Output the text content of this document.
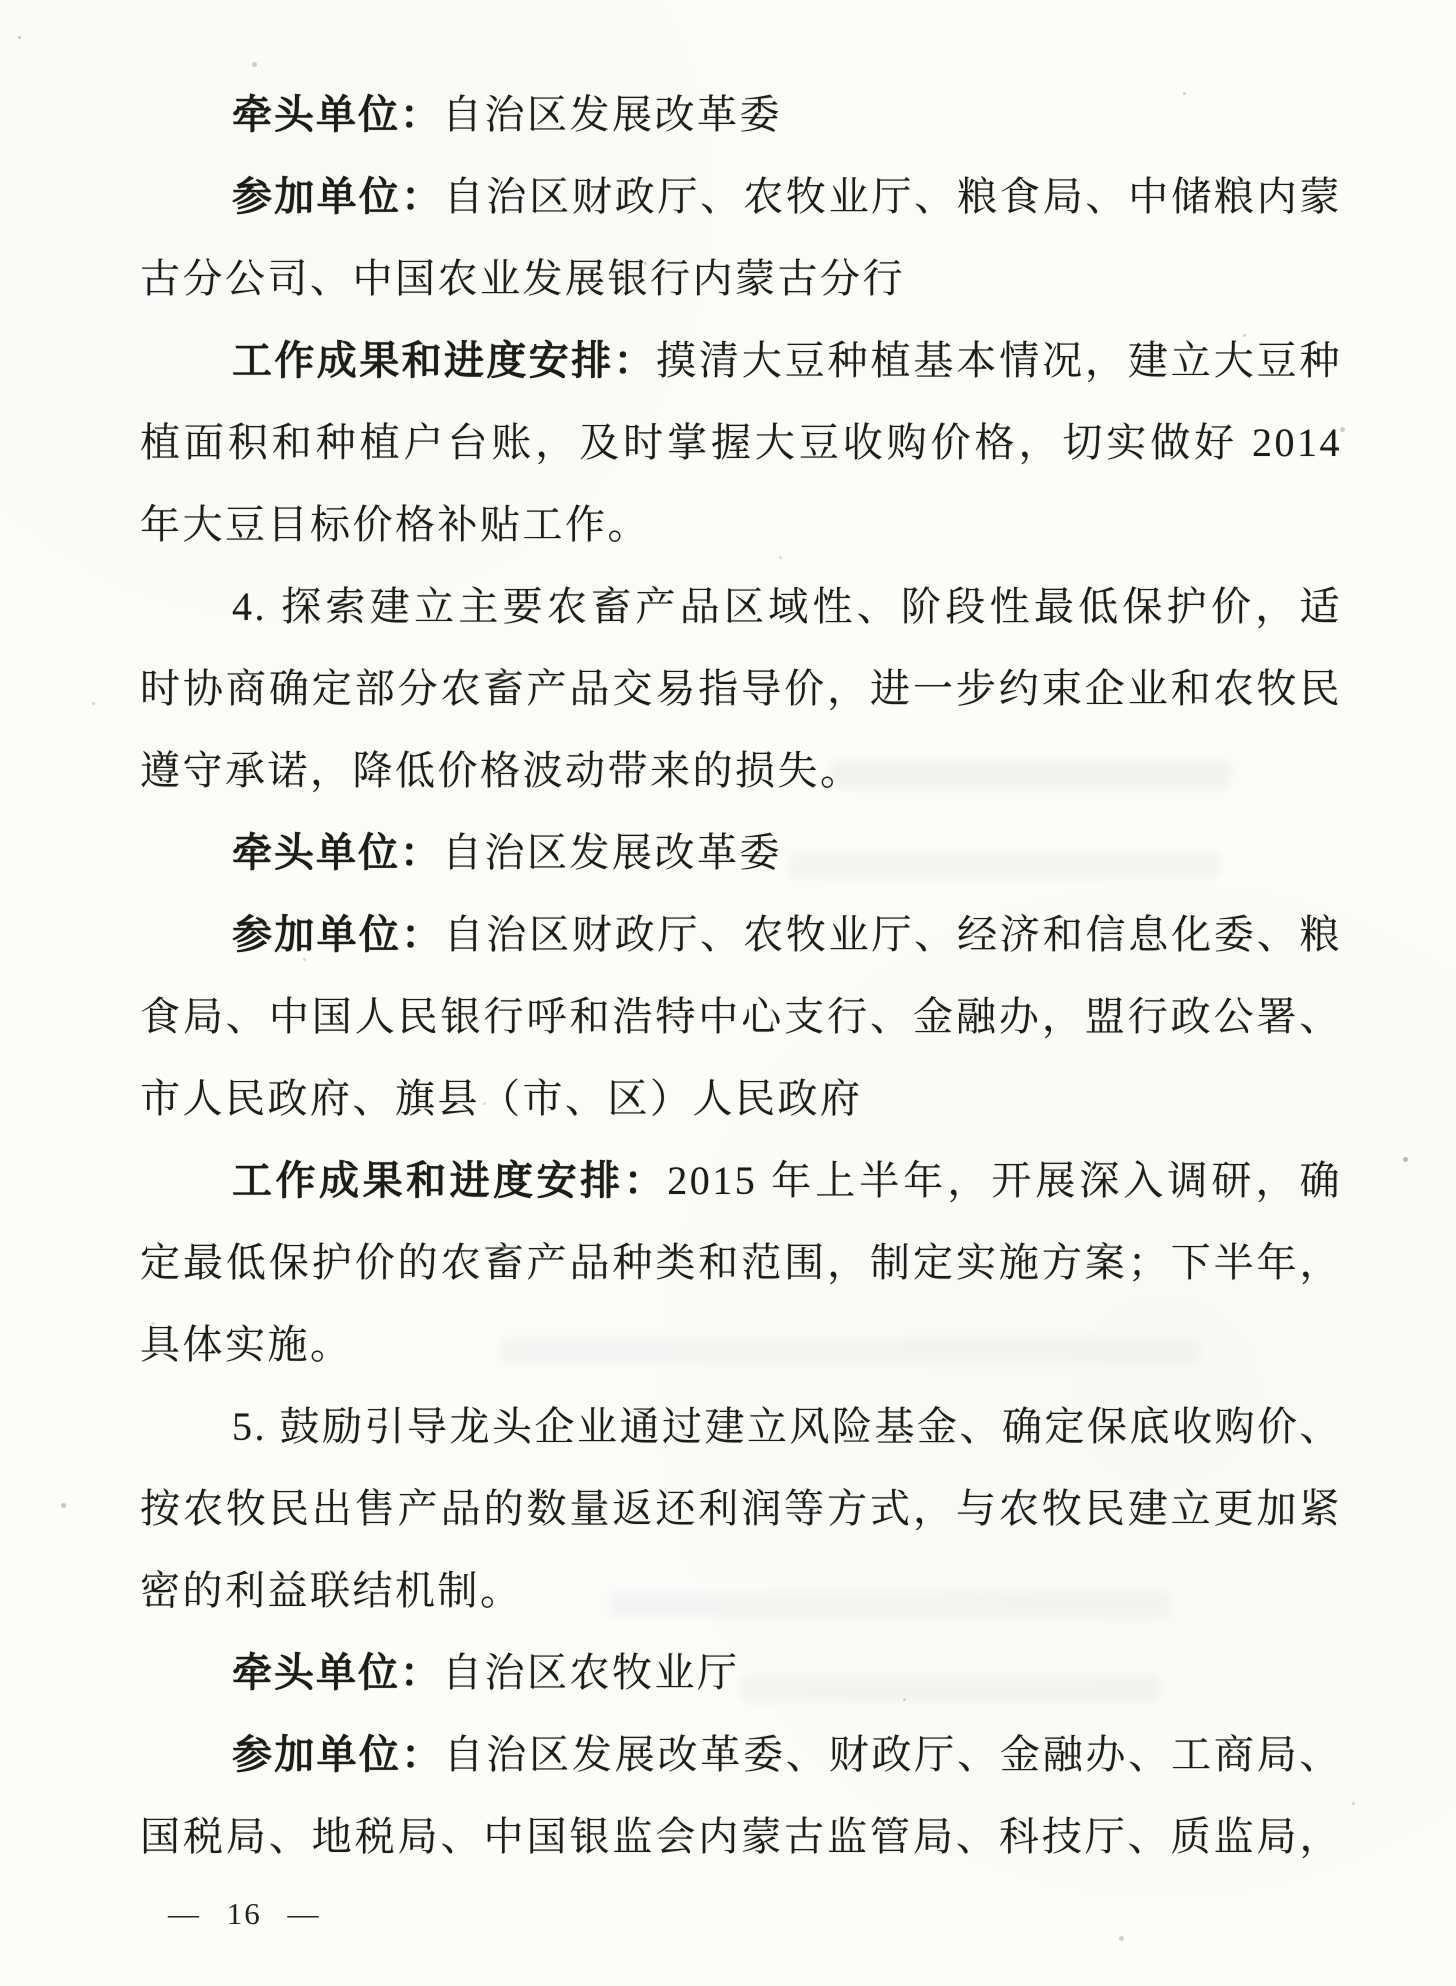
牵头单位：自治区发展改革委
参加单位：自治区财政厅、农牧业厅、粮食局、中储粮内蒙
古分公司、中国农业发展银行内蒙古分行
工作成果和进度安排：摸清大豆种植基本情况，建立大豆种
植面积和种植户台账，及时掌握大豆收购价格，切实做好 2014
年大豆目标价格补贴工作。
4. 探索建立主要农畜产品区域性、阶段性最低保护价，适
时协商确定部分农畜产品交易指导价，进一步约束企业和农牧民
遵守承诺，降低价格波动带来的损失。
牵头单位：自治区发展改革委
参加单位：自治区财政厅、农牧业厅、经济和信息化委、粮
食局、中国人民银行呼和浩特中心支行、金融办，盟行政公署、
市人民政府、旗县（市、区）人民政府
工作成果和进度安排：2015 年上半年，开展深入调研，确
定最低保护价的农畜产品种类和范围，制定实施方案；下半年，
具体实施。
5. 鼓励引导龙头企业通过建立风险基金、确定保底收购价、
按农牧民出售产品的数量返还利润等方式，与农牧民建立更加紧
密的利益联结机制。
牵头单位：自治区农牧业厅
参加单位：自治区发展改革委、财政厅、金融办、工商局、
国税局、地税局、中国银监会内蒙古监管局、科技厅、质监局，
— 16 —
